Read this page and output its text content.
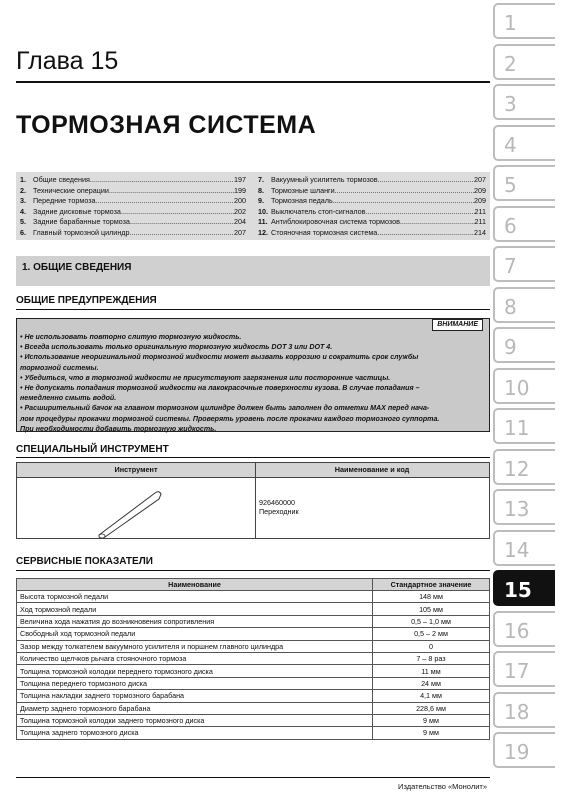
Глава 15
ТОРМОЗНАЯ СИСТЕМА
1. Общие сведения .....	197
2. Технические операции .....	199
3. Передние тормоза .....	200
4. Задние дисковые тормоза .....	202
5. Задние барабанные тормоза .....	204
6. Главный тормозной цилиндр .....	207
7. Вакуумный усилитель тормозов .....	207
8. Тормозные шланги .....	209
9. Тормозная педаль .....	209
10. Выключатель стоп-сигналов .....	211
11. Антиблокировочная система тормозов .....	211
12. Стояночная тормозная система .....	214
1. ОБЩИЕ СВЕДЕНИЯ
ОБЩИЕ ПРЕДУПРЕЖДЕНИЯ
ВНИМАНИЕ
• Не использовать повторно слитую тормозную жидкость.
• Всегда использовать только оригинальную тормозную жидкость DOT 3 или DOT 4.
• Использование неоригинальной тормозной жидкости может вызвать коррозию и сократить срок службы
тормозной системы.
• Убедиться, что в тормозной жидкости не присутствуют загрязнения или посторонние частицы.
• Не допускать попадания тормозной жидкости на лакокрасочные поверхности кузова. В случае попадания –
немедленно смыть водой.
• Расширительный бачок на главном тормозном цилиндре должен быть заполнен до отметки MAX перед нача-
лом процедуры прокачки тормозной системы. Проверять уровень после прокачки каждого тормозного суппорта.
При необходимости добавить тормозную жидкость.
СПЕЦИАЛЬНЫЙ ИНСТРУМЕНТ
Инструмент	Наименование и код
926460000
Переходник
СЕРВИСНЫЕ ПОКАЗАТЕЛИ
Наименование	Стандартное значение
Высота тормозной педали	148 мм
Ход тормозной педали	105 мм
Величина хода нажатия до возникновения сопротивления	0,5 – 1,0 мм
Свободный ход тормозной педали	0,5 – 2 мм
Зазор между толкателем вакуумного усилителя и поршнем главного цилиндра	0
Количество щелчков рычага стояночного тормоза	7 – 8 раз
Толщина тормозной колодки переднего тормозного диска	11 мм
Толщина переднего тормозного диска	24 мм
Толщина накладки заднего тормозного барабана	4,1 мм
Диаметр заднего тормозного барабана	228,6 мм
Толщина тормозной колодки заднего тормозного диска	9 мм
Толщина заднего тормозного диска	9 мм
Издательство «Монолит»
1
2
3
4
5
6
7
8
9
10
11
12
13
14
15
16
17
18
19
